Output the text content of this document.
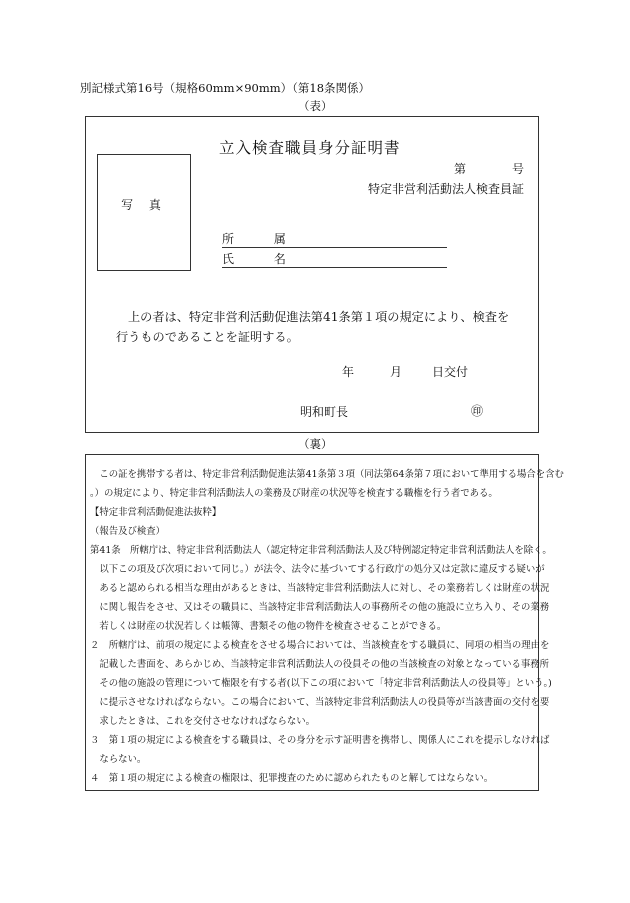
別記様式第16号（規格60mm×90mm）（第18条関係）
（表）
写 真
立入検査職員身分証明書
第	号
特定非営利活動法人検査員証
所 属
氏 名

上の者は、特定非営利活動促進法第41条第１項の規定により、検査を

行うものであることを証明する。

年	月	日交付
明和町長	㊞
（裏）
　この証を携帯する者は、特定非営利活動促進法第41条第３項（同法第64条第７項において準用する場合を含む
。）の規定により、特定非営利活動法人の業務及び財産の状況等を検査する職権を行う者である。
【特定非営利活動促進法抜粋】
（報告及び検査）
第41条　所轄庁は、特定非営利活動法人（認定特定非営利活動法人及び特例認定特定非営利活動法人を除く。
　以下この項及び次項において同じ。）が法令、法令に基づいてする行政庁の処分又は定款に違反する疑いが
　あると認められる相当な理由があるときは、当該特定非営利活動法人に対し、その業務若しくは財産の状況
　に関し報告をさせ、又はその職員に、当該特定非営利活動法人の事務所その他の施設に立ち入り、その業務
　若しくは財産の状況若しくは帳簿、書類その他の物件を検査させることができる。
２　所轄庁は、前項の規定による検査をさせる場合においては、当該検査をする職員に、同項の相当の理由を
　記載した書面を、あらかじめ、当該特定非営利活動法人の役員その他の当該検査の対象となっている事務所
　その他の施設の管理について権限を有する者(以下この項において「特定非営利活動法人の役員等」という。)
　に提示させなければならない。この場合において、当該特定非営利活動法人の役員等が当該書面の交付を要
　求したときは、これを交付させなければならない。
３　第１項の規定による検査をする職員は、その身分を示す証明書を携帯し、関係人にこれを提示しなければ
　ならない。
４　第１項の規定による検査の権限は、犯罪捜査のために認められたものと解してはならない。
